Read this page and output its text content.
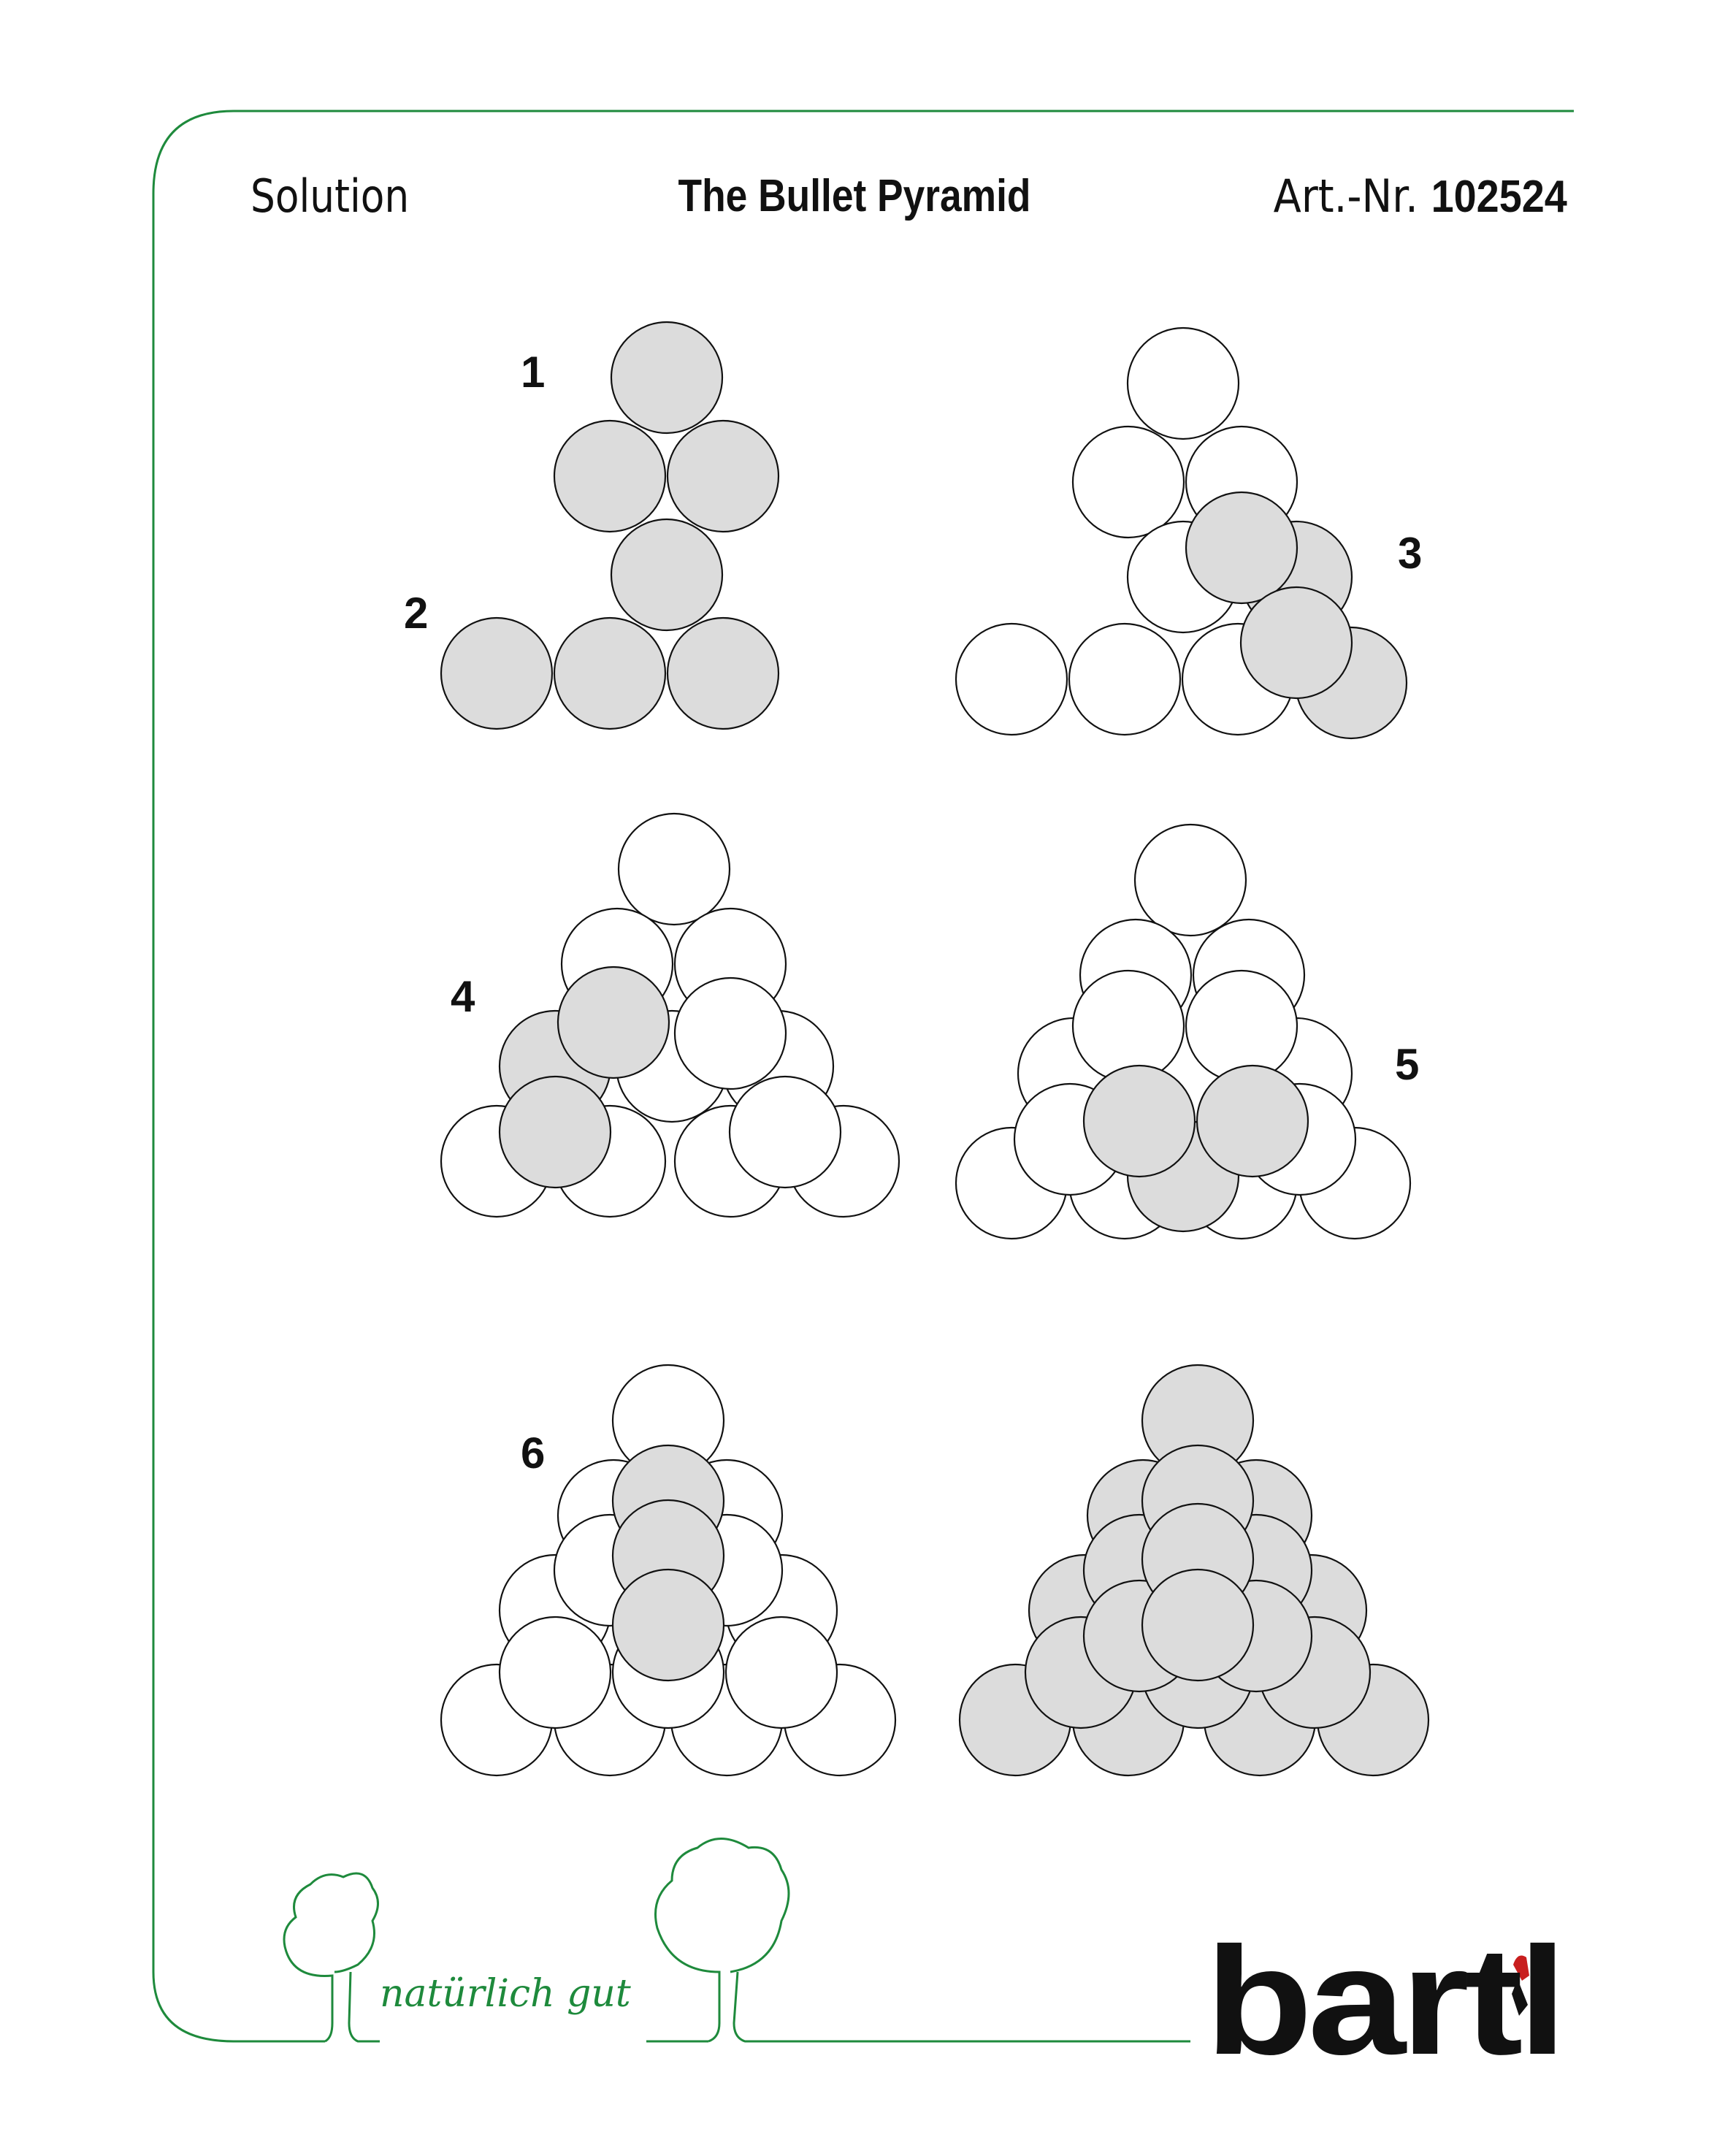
Solution	The Bullet Pyramid	Art.-Nr. 102524
1
2
3
4
5
6
natürlich gut	bartl
